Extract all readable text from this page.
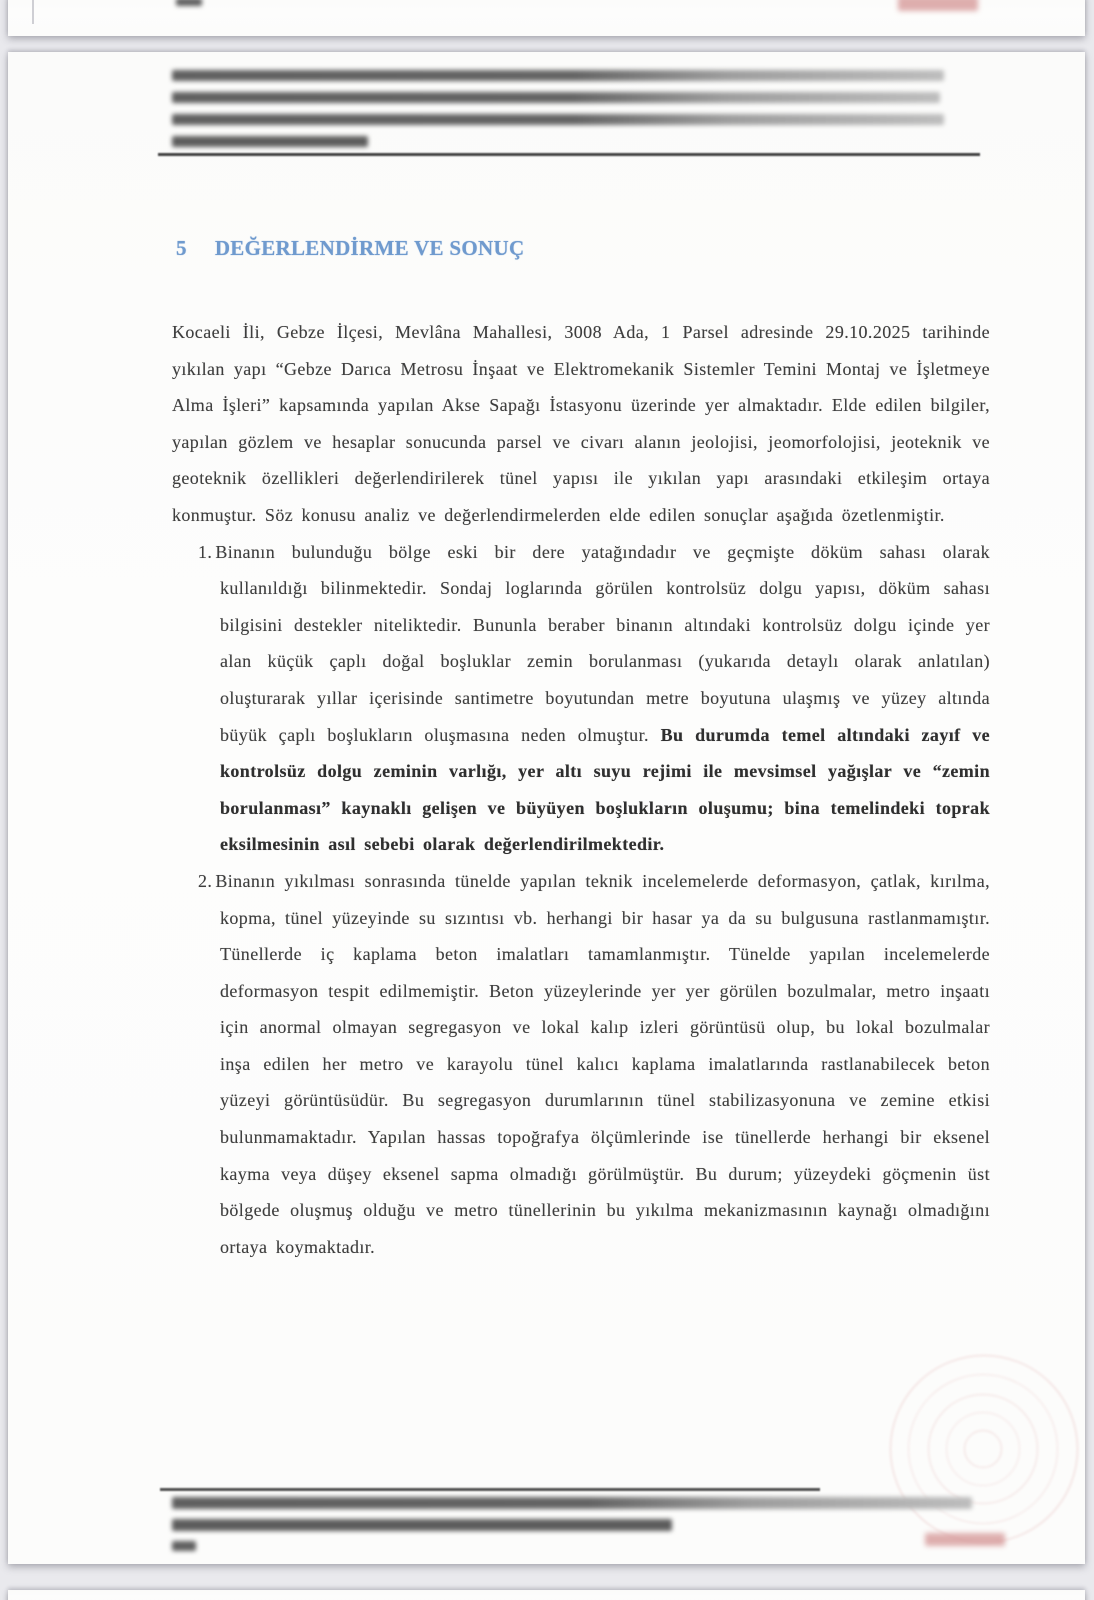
5 DEĞERLENDİRME VE SONUÇ

Kocaeli İli, Gebze İlçesi, Mevlâna Mahallesi, 3008 Ada, 1 Parsel adresinde 29.10.2025 tarihinde yıkılan yapı “Gebze Darıca Metrosu İnşaat ve Elektromekanik Sistemler Temini Montaj ve İşletmeye Alma İşleri” kapsamında yapılan Akse Sapağı İstasyonu üzerinde yer almaktadır. Elde edilen bilgiler, yapılan gözlem ve hesaplar sonucunda parsel ve civarı alanın jeolojisi, jeomorfolojisi, jeoteknik ve geoteknik özellikleri değerlendirilerek tünel yapısı ile yıkılan yapı arasındaki etkileşim ortaya konmuştur. Söz konusu analiz ve değerlendirmelerden elde edilen sonuçlar aşağıda özetlenmiştir.

1. Binanın bulunduğu bölge eski bir dere yatağındadır ve geçmişte döküm sahası olarak kullanıldığı bilinmektedir. Sondaj loglarında görülen kontrolsüz dolgu yapısı, döküm sahası bilgisini destekler niteliktedir. Bununla beraber binanın altındaki kontrolsüz dolgu içinde yer alan küçük çaplı doğal boşluklar zemin borulanması (yukarıda detaylı olarak anlatılan) oluşturarak yıllar içerisinde santimetre boyutundan metre boyutuna ulaşmış ve yüzey altında büyük çaplı boşlukların oluşmasına neden olmuştur. Bu durumda temel altındaki zayıf ve kontrolsüz dolgu zeminin varlığı, yer altı suyu rejimi ile mevsimsel yağışlar ve “zemin borulanması” kaynaklı gelişen ve büyüyen boşlukların oluşumu; bina temelindeki toprak eksilmesinin asıl sebebi olarak değerlendirilmektedir.

2. Binanın yıkılması sonrasında tünelde yapılan teknik incelemelerde deformasyon, çatlak, kırılma, kopma, tünel yüzeyinde su sızıntısı vb. herhangi bir hasar ya da su bulgusuna rastlanmamıştır. Tünellerde iç kaplama beton imalatları tamamlanmıştır. Tünelde yapılan incelemelerde deformasyon tespit edilmemiştir. Beton yüzeylerinde yer yer görülen bozulmalar, metro inşaatı için anormal olmayan segregasyon ve lokal kalıp izleri görüntüsü olup, bu lokal bozulmalar inşa edilen her metro ve karayolu tünel kalıcı kaplama imalatlarında rastlanabilecek beton yüzeyi görüntüsüdür. Bu segregasyon durumlarının tünel stabilizasyonuna ve zemine etkisi bulunmamaktadır. Yapılan hassas topoğrafya ölçümlerinde ise tünellerde herhangi bir eksenel kayma veya düşey eksenel sapma olmadığı görülmüştür. Bu durum; yüzeydeki göçmenin üst bölgede oluşmuş olduğu ve metro tünellerinin bu yıkılma mekanizmasının kaynağı olmadığını ortaya koymaktadır.
